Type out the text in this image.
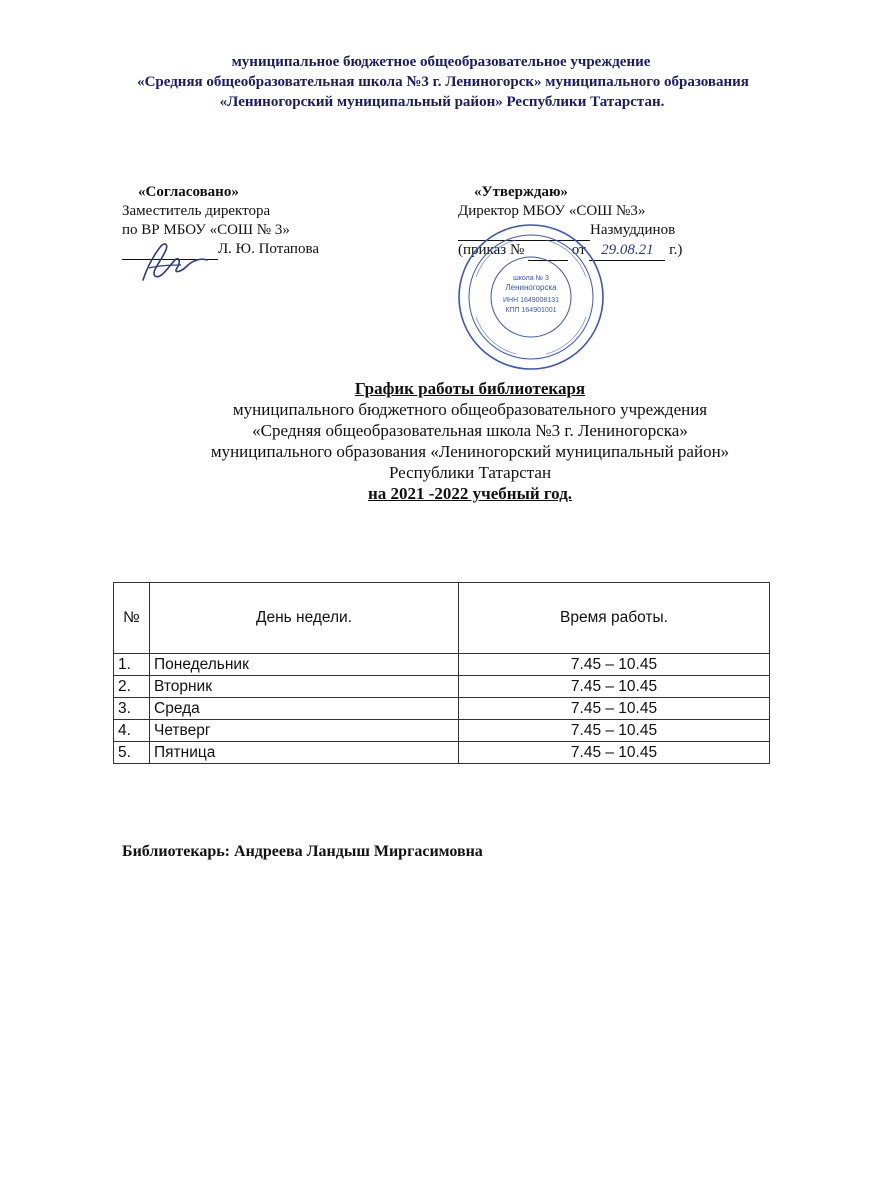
муниципальное бюджетное общеобразовательное учреждение
«Средняя общеобразовательная школа №3 г. Лениногорск» муниципального образования
«Лениногорский муниципальный район» Республики Татарстан.
«Согласовано»
Заместитель директора
по ВР МБОУ «СОШ № 3»
Л. Ю. Потапова
«Утверждаю»
Директор МБОУ «СОШ №3»
Назмуддинов
(приказ №	от 29.08.21 г.)
школа № 3
Лениногорска
ИНН 1649008131
КПП 164901001
График работы библиотекаря
муниципального бюджетного общеобразовательного учреждения
«Средняя общеобразовательная школа №3 г. Лениногорска»
муниципального образования «Лениногорский муниципальный район»
Республики Татарстан
на 2021 -2022 учебный год.
№	День недели.	Время работы.
1.	Понедельник	7.45 – 10.45
2.	Вторник	7.45 – 10.45
3.	Среда	7.45 – 10.45
4.	Четверг	7.45 – 10.45
5.	Пятница	7.45 – 10.45
Библиотекарь: Андреева Ландыш Миргасимовна
